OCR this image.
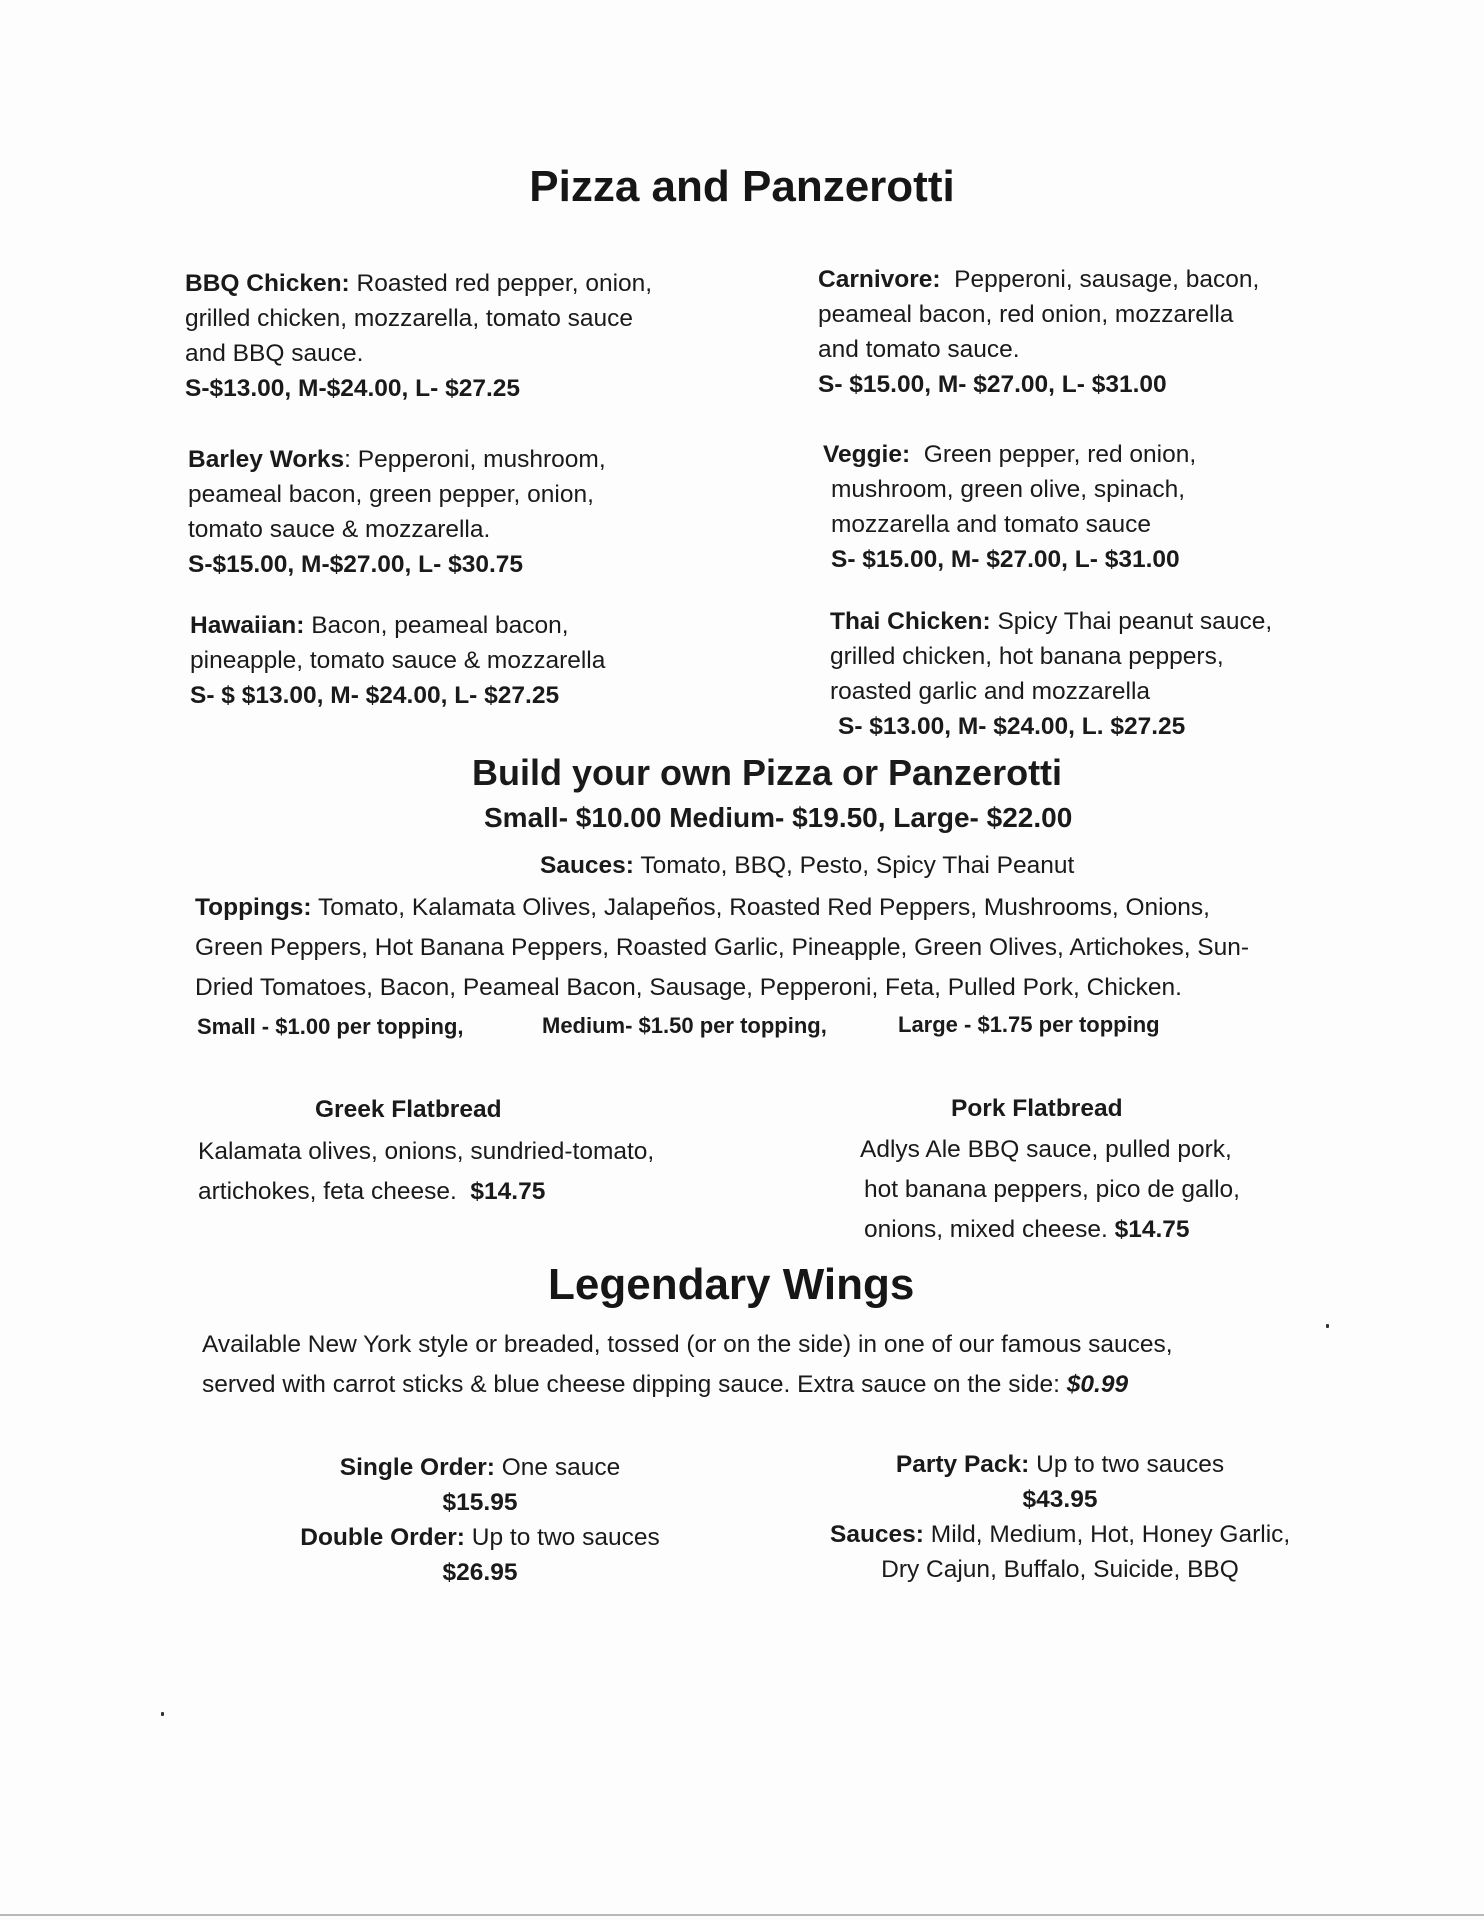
Pizza and Panzerotti
BBQ Chicken: Roasted red pepper, onion,
grilled chicken, mozzarella, tomato sauce
and BBQ sauce.
S-$13.00, M-$24.00, L- $27.25
Barley Works: Pepperoni, mushroom,
peameal bacon, green pepper, onion,
tomato sauce & mozzarella.
S-$15.00, M-$27.00, L- $30.75
Hawaiian: Bacon, peameal bacon,
pineapple, tomato sauce & mozzarella
S- $ $13.00, M- $24.00, L- $27.25
Carnivore: Pepperoni, sausage, bacon,
peameal bacon, red onion, mozzarella
and tomato sauce.
S- $15.00, M- $27.00, L- $31.00
Veggie: Green pepper, red onion,
mushroom, green olive, spinach,
mozzarella and tomato sauce
S- $15.00, M- $27.00, L- $31.00
Thai Chicken: Spicy Thai peanut sauce,
grilled chicken, hot banana peppers,
roasted garlic and mozzarella
S- $13.00, M- $24.00, L. $27.25
Build your own Pizza or Panzerotti
Small- $10.00 Medium- $19.50, Large- $22.00
Sauces: Tomato, BBQ, Pesto, Spicy Thai Peanut
Toppings: Tomato, Kalamata Olives, Jalapeños, Roasted Red Peppers, Mushrooms, Onions,
Green Peppers, Hot Banana Peppers, Roasted Garlic, Pineapple, Green Olives, Artichokes, Sun-
Dried Tomatoes, Bacon, Peameal Bacon, Sausage, Pepperoni, Feta, Pulled Pork, Chicken.
Small - $1.00 per topping,	Medium- $1.50 per topping,	Large - $1.75 per topping
Greek Flatbread
Kalamata olives, onions, sundried-tomato,
artichokes, feta cheese. $14.75
Pork Flatbread
Adlys Ale BBQ sauce, pulled pork,
hot banana peppers, pico de gallo,
onions, mixed cheese. $14.75
Legendary Wings
Available New York style or breaded, tossed (or on the side) in one of our famous sauces,
served with carrot sticks & blue cheese dipping sauce. Extra sauce on the side: $0.99
Single Order: One sauce
$15.95
Double Order: Up to two sauces
$26.95
Party Pack: Up to two sauces
$43.95
Sauces: Mild, Medium, Hot, Honey Garlic,
Dry Cajun, Buffalo, Suicide, BBQ
